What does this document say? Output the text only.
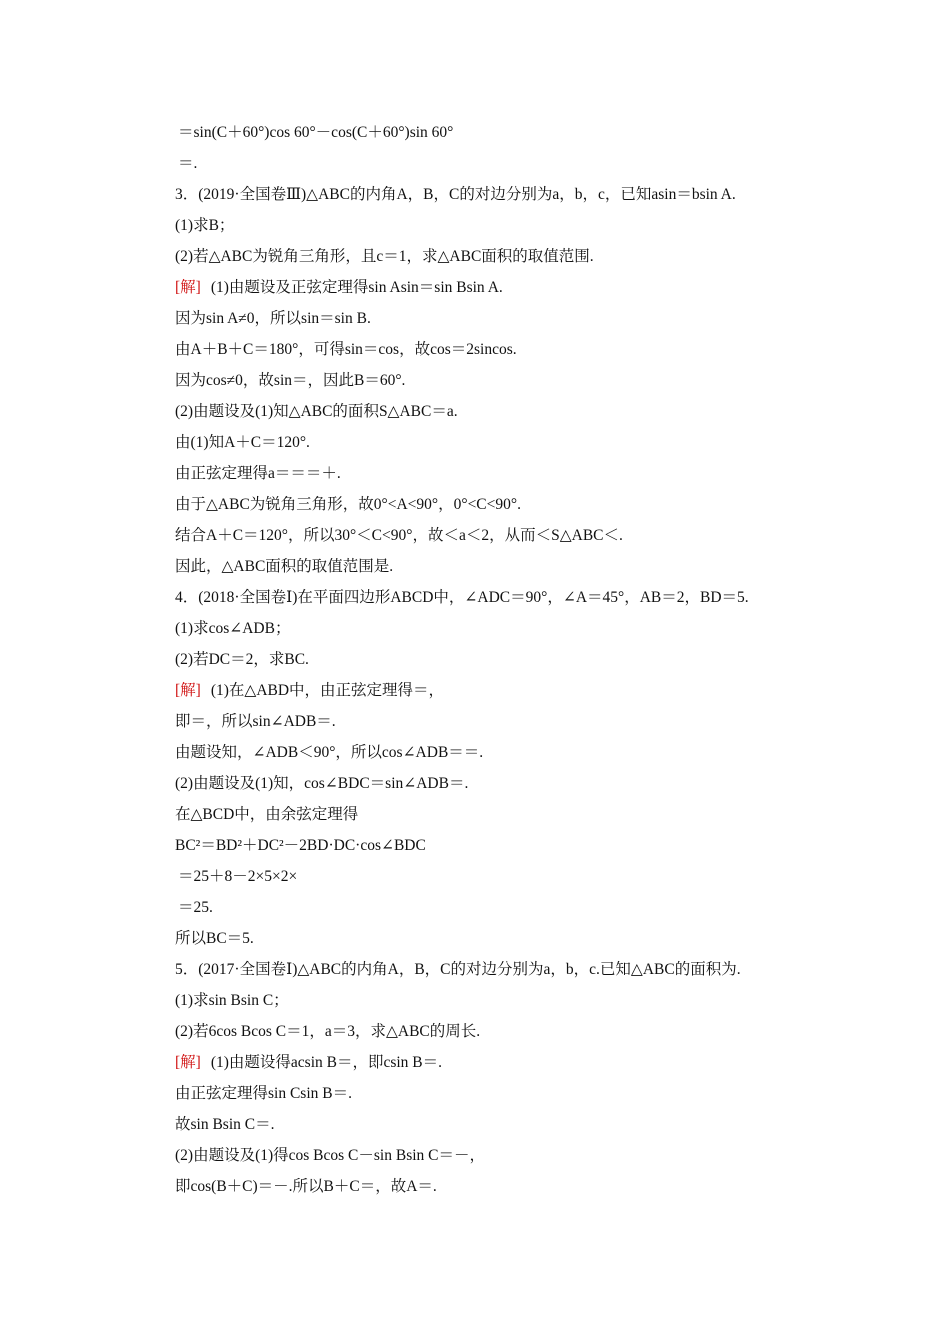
＝sin(C＋60°)cos 60°－cos(C＋60°)sin 60°
＝.
3．(2019·全国卷Ⅲ)△ABC的内角A，B，C的对边分别为a，b，c，已知asin＝bsin A.
(1)求B；
(2)若△ABC为锐角三角形，且c＝1，求△ABC面积的取值范围.
[解] (1)由题设及正弦定理得sin Asin＝sin Bsin A.
因为sin A≠0，所以sin＝sin B.
由A＋B＋C＝180°，可得sin＝cos，故cos＝2sincos.
因为cos≠0，故sin＝，因此B＝60°.
(2)由题设及(1)知△ABC的面积S△ABC＝a.
由(1)知A＋C＝120°.
由正弦定理得a＝＝＝＋.
由于△ABC为锐角三角形，故0°<A<90°，0°<C<90°.
结合A＋C＝120°，所以30°＜C<90°，故＜a＜2，从而＜S△ABC＜.
因此，△ABC面积的取值范围是.
4．(2018·全国卷Ⅰ)在平面四边形ABCD中，∠ADC＝90°，∠A＝45°，AB＝2，BD＝5.
(1)求cos∠ADB；
(2)若DC＝2，求BC.
[解] (1)在△ABD中，由正弦定理得＝，
即＝，所以sin∠ADB＝.
由题设知，∠ADB＜90°，所以cos∠ADB＝＝.
(2)由题设及(1)知，cos∠BDC＝sin∠ADB＝.
在△BCD中，由余弦定理得
BC²＝BD²＋DC²－2BD·DC·cos∠BDC
＝25＋8－2×5×2×
＝25.
所以BC＝5.
5．(2017·全国卷Ⅰ)△ABC的内角A，B，C的对边分别为a，b，c.已知△ABC的面积为.
(1)求sin Bsin C；
(2)若6cos Bcos C＝1，a＝3，求△ABC的周长.
[解] (1)由题设得acsin B＝，即csin B＝.
由正弦定理得sin Csin B＝.
故sin Bsin C＝.
(2)由题设及(1)得cos Bcos C－sin Bsin C＝－，
即cos(B＋C)＝－.所以B＋C＝，故A＝.
